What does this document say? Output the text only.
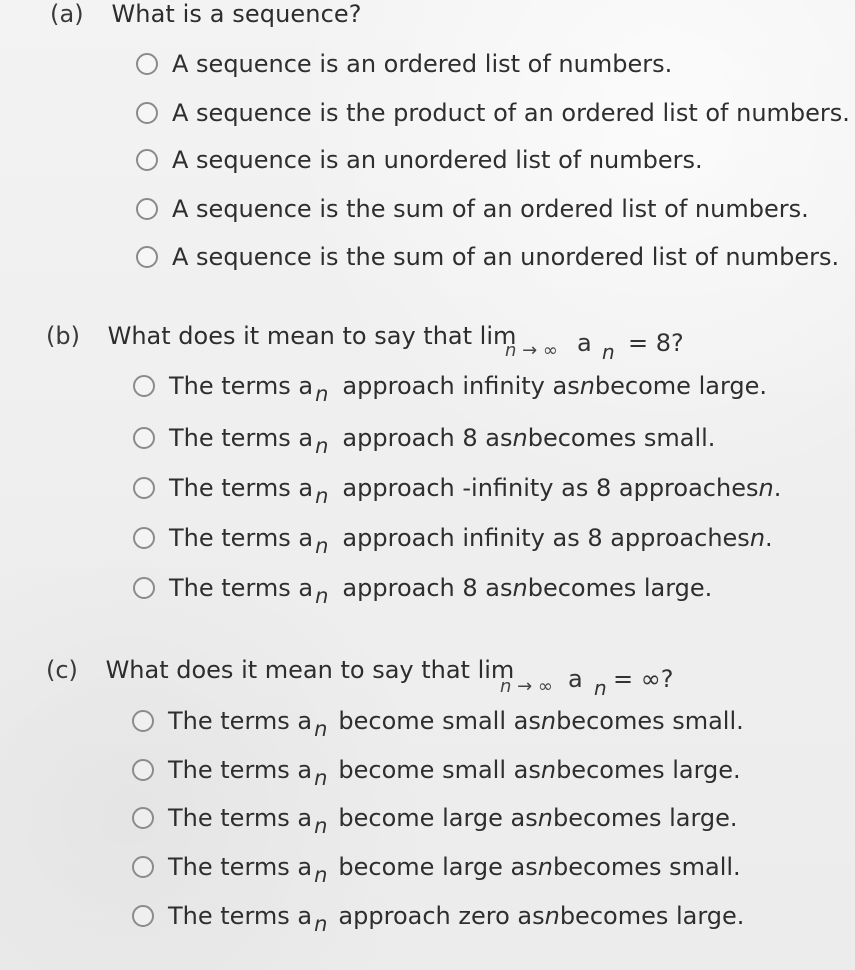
(a) What is a sequence?
A sequence is an ordered list of numbers.
A sequence is the product of an ordered list of numbers.
A sequence is an unordered list of numbers.
A sequence is the sum of an ordered list of numbers.
A sequence is the sum of an unordered list of numbers.
(b) What does it mean to say that lim
n → ∞ a n = 8?
The terms a n approach infinity as n become large.
The terms a n approach 8 as n becomes small.
The terms a n approach -infinity as 8 approaches n .
The terms a n approach infinity as 8 approaches n .
The terms a n approach 8 as n becomes large.
(c) What does it mean to say that lim
n → ∞ a n = ∞?
The terms a n become small as n becomes small.
The terms a n become small as n becomes large.
The terms a n become large as n becomes large.
The terms a n become large as n becomes small.
The terms a n approach zero as n becomes large.
